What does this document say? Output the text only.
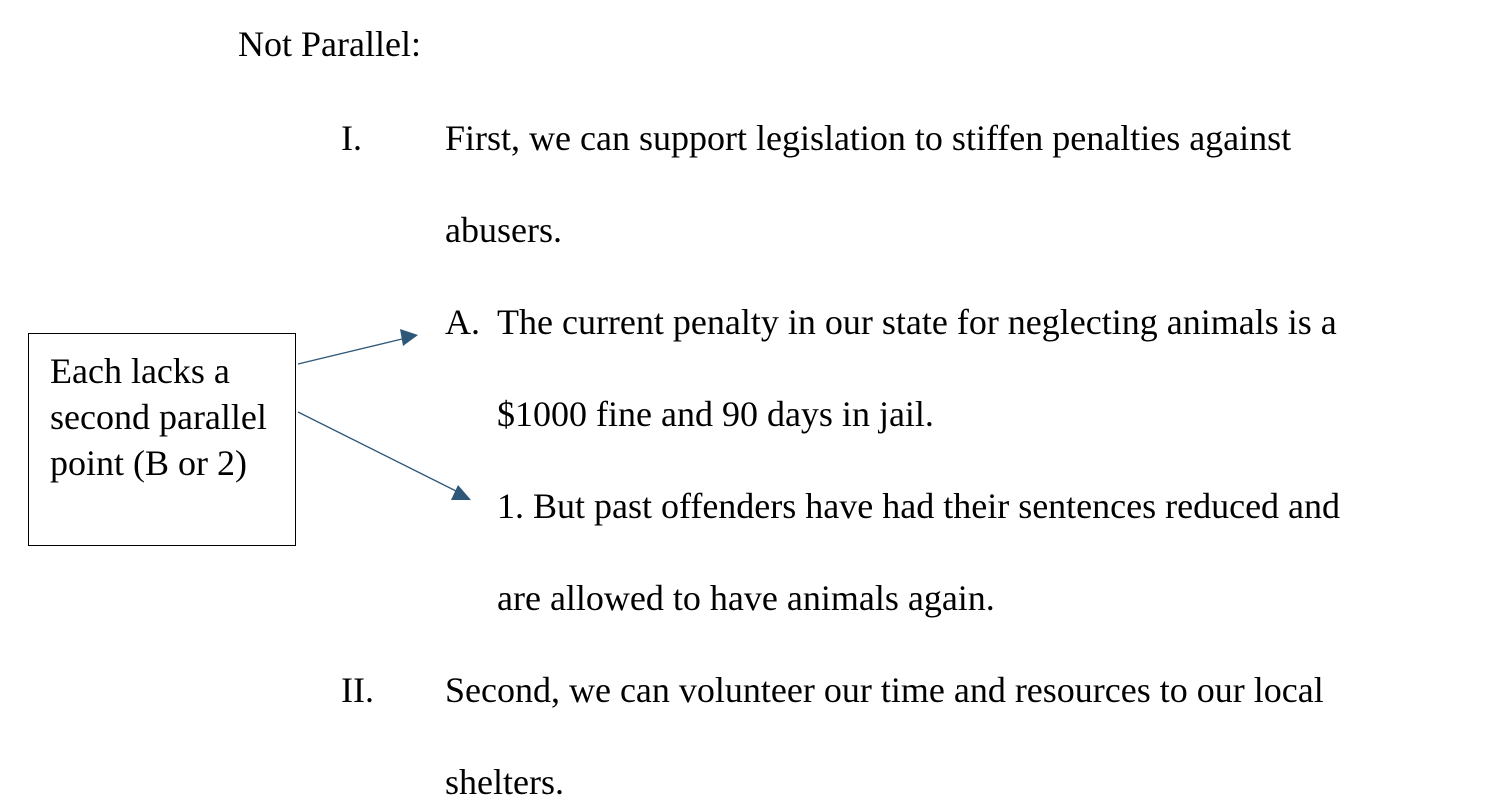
Not Parallel:
I. First, we can support legislation to stiffen penalties against
abusers.
A. The current penalty in our state for neglecting animals is a
$1000 fine and 90 days in jail.
1. But past offenders have had their sentences reduced and
are allowed to have animals again.
II. Second, we can volunteer our time and resources to our local
shelters.
Each lacks a second parallel point (B or 2)
